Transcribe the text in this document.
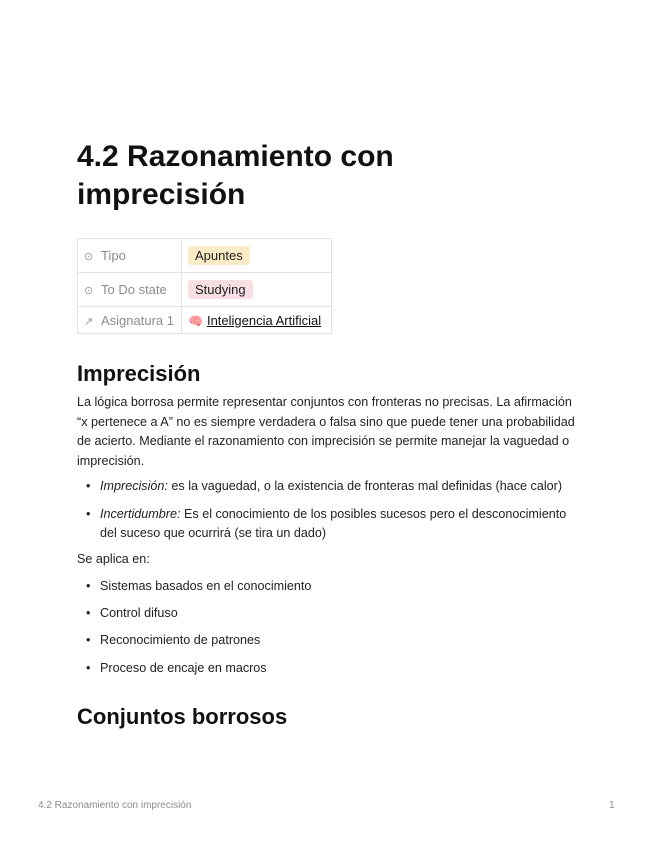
4.2 Razonamiento con imprecisión
⊙ Tipo	Apuntes
⊙ To Do state	Studying
↗ Asignatura 1	🧠 Inteligencia Artificial
Imprecisión

La lógica borrosa permite representar conjuntos con fronteras no precisas. La afirmación “x pertenece a A” no es siempre verdadera o falsa sino que puede tener una probabilidad de acierto. Mediante el razonamiento con imprecisión se permite manejar la vaguedad o imprecisión.

• Imprecisión: es la vaguedad, o la existencia de fronteras mal definidas (hace calor)
• Incertidumbre: Es el conocimiento de los posibles sucesos pero el desconocimiento del suceso que ocurrirá (se tira un dado)

Se aplica en:

• Sistemas basados en el conocimiento
• Control difuso
• Reconocimiento de patrones
• Proceso de encaje en macros
Conjuntos borrosos
4.2 Razonamiento con imprecisión	1
